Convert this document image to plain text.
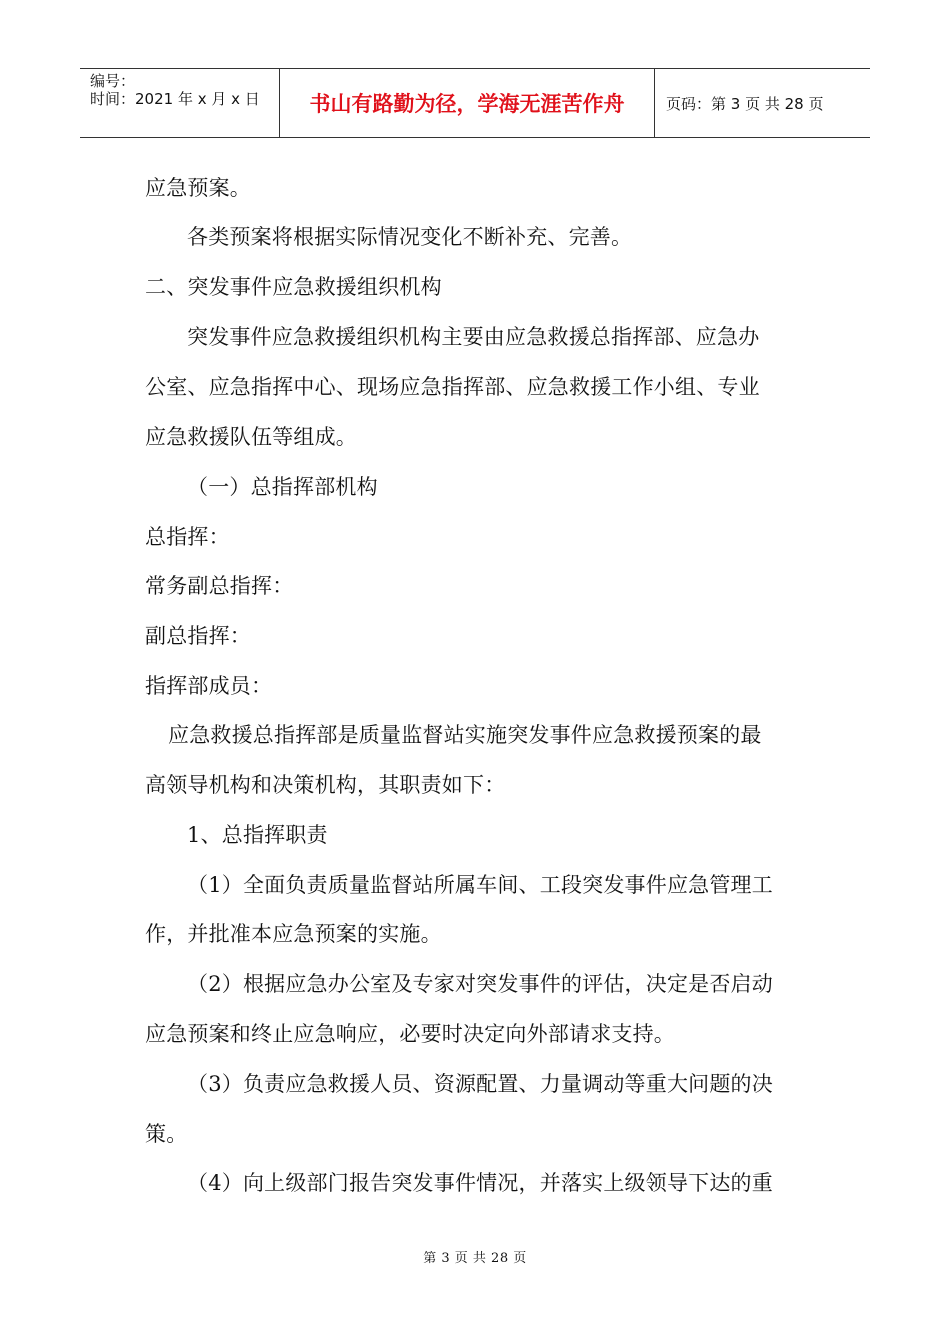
编号：
时间：2021 年 x 月 x 日	书山有路勤为径，学海无涯苦作舟	页码：第 3 页 共 28 页
应急预案。
各类预案将根据实际情况变化不断补充、完善。
二、突发事件应急救援组织机构
突发事件应急救援组织机构主要由应急救援总指挥部、应急办
公室、应急指挥中心、现场应急指挥部、应急救援工作小组、专业
应急救援队伍等组成。
（一）总指挥部机构
总指挥：
常务副总指挥：
副总指挥：
指挥部成员：
应急救援总指挥部是质量监督站实施突发事件应急救援预案的最
高领导机构和决策机构，其职责如下：
1、总指挥职责
（1）全面负责质量监督站所属车间、工段突发事件应急管理工
作，并批准本应急预案的实施。
（2）根据应急办公室及专家对突发事件的评估，决定是否启动
应急预案和终止应急响应，必要时决定向外部请求支持。
（3）负责应急救援人员、资源配置、力量调动等重大问题的决
策。
（4）向上级部门报告突发事件情况，并落实上级领导下达的重
第 3 页 共 28 页
